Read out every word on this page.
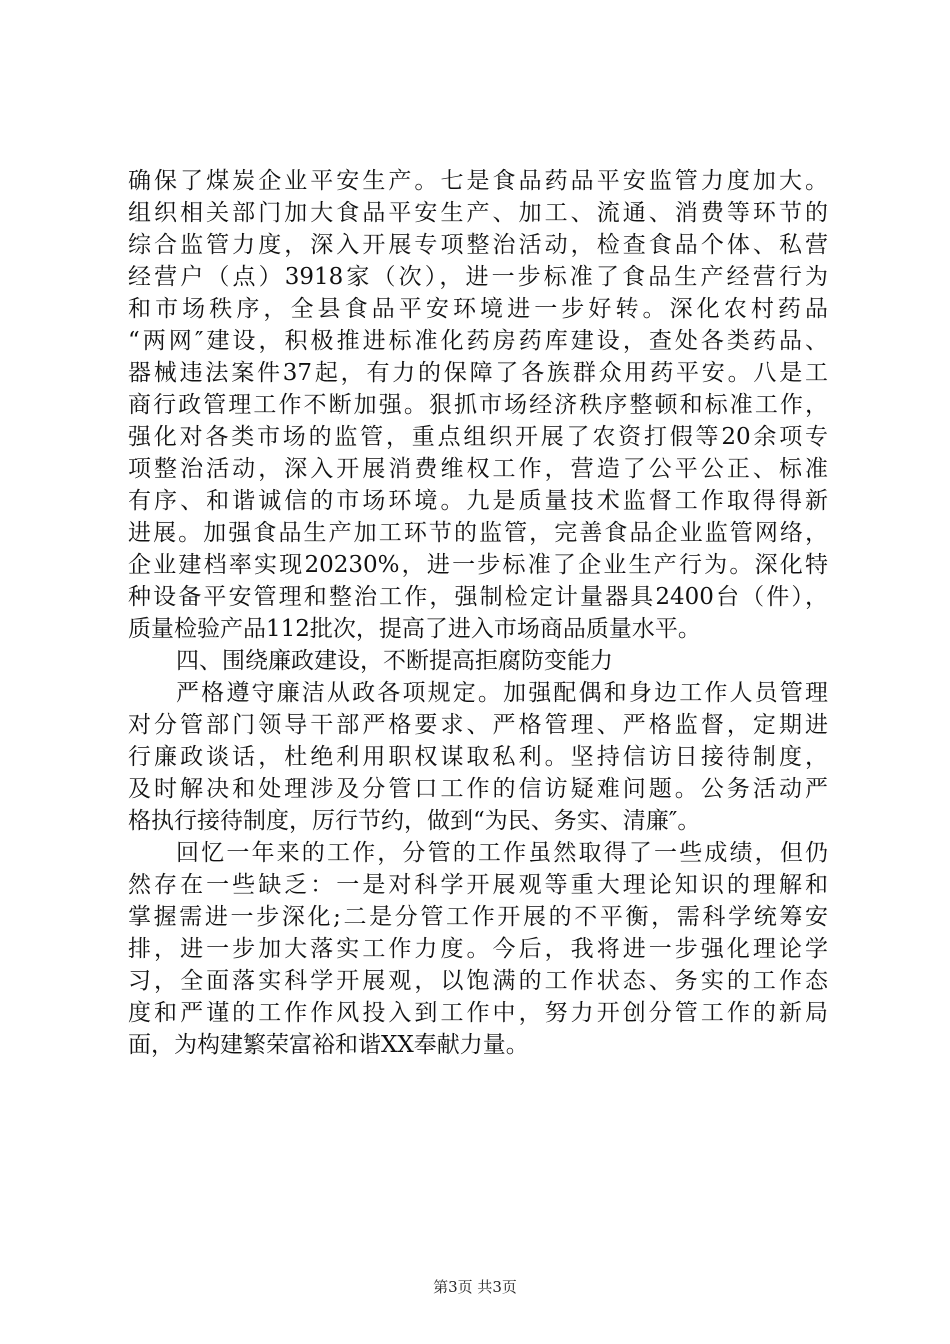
确保了煤炭企业平安生产。七是食品药品平安监管力度加大。
组织相关部门加大食品平安生产、加工、流通、消费等环节的
综合监管力度，深入开展专项整治活动，检查食品个体、私营
经营户（点）3918家（次），进一步标准了食品生产经营行为
和市场秩序，全县食品平安环境进一步好转。深化农村药品
“两网″建设，积极推进标准化药房药库建设，查处各类药品、
器械违法案件37起，有力的保障了各族群众用药平安。八是工
商行政管理工作不断加强。狠抓市场经济秩序整顿和标准工作，
强化对各类市场的监管，重点组织开展了农资打假等20余项专
项整治活动，深入开展消费维权工作，营造了公平公正、标准
有序、和谐诚信的市场环境。九是质量技术监督工作取得得新
进展。加强食品生产加工环节的监管，完善食品企业监管网络，
企业建档率实现20230%，进一步标准了企业生产行为。深化特
种设备平安管理和整治工作，强制检定计量器具2400台（件），
质量检验产品112批次，提高了进入市场商品质量水平。
四、围绕廉政建设，不断提高拒腐防变能力
严格遵守廉洁从政各项规定。加强配偶和身边工作人员管理
对分管部门领导干部严格要求、严格管理、严格监督，定期进
行廉政谈话，杜绝利用职权谋取私利。坚持信访日接待制度，
及时解决和处理涉及分管口工作的信访疑难问题。公务活动严
格执行接待制度，厉行节约，做到“为民、务实、清廉″。
回忆一年来的工作，分管的工作虽然取得了一些成绩，但仍
然存在一些缺乏：一是对科学开展观等重大理论知识的理解和
掌握需进一步深化;二是分管工作开展的不平衡，需科学统筹安
排，进一步加大落实工作力度。今后，我将进一步强化理论学
习，全面落实科学开展观，以饱满的工作状态、务实的工作态
度和严谨的工作作风投入到工作中，努力开创分管工作的新局
面，为构建繁荣富裕和谐XX奉献力量。
第3页 共3页
